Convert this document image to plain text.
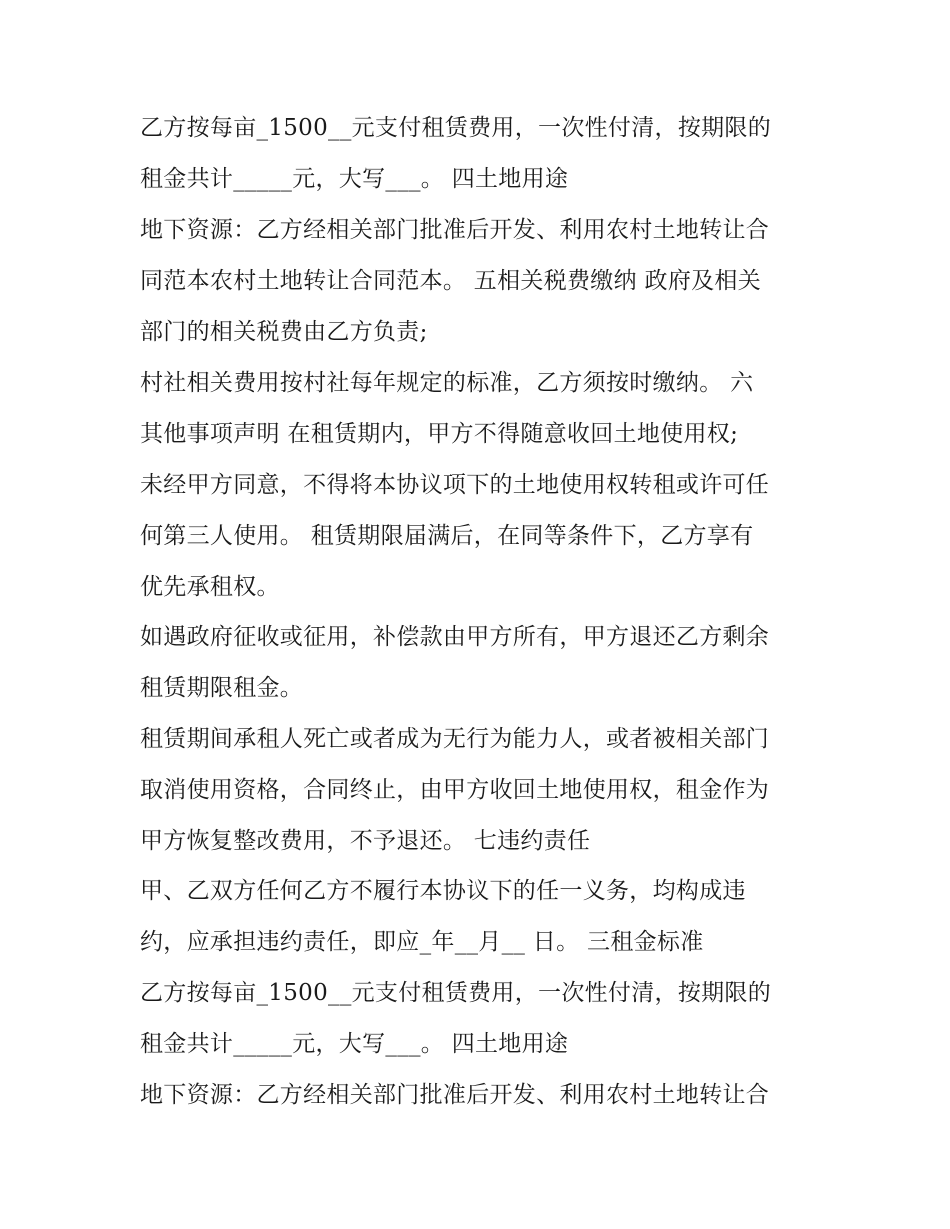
乙方按每亩_1500__元支付租赁费用，一次性付清，按期限的
租金共计_____元，大写___。 四土地用途
地下资源：乙方经相关部门批准后开发、利用农村土地转让合
同范本农村土地转让合同范本。 五相关税费缴纳 政府及相关
部门的相关税费由乙方负责;
村社相关费用按村社每年规定的标准，乙方须按时缴纳。 六
其他事项声明 在租赁期内，甲方不得随意收回土地使用权;
未经甲方同意，不得将本协议项下的土地使用权转租或许可任
何第三人使用。 租赁期限届满后，在同等条件下，乙方享有
优先承租权。
如遇政府征收或征用，补偿款由甲方所有，甲方退还乙方剩余
租赁期限租金。
租赁期间承租人死亡或者成为无行为能力人，或者被相关部门
取消使用资格，合同终止，由甲方收回土地使用权，租金作为
甲方恢复整改费用，不予退还。 七违约责任
甲、乙双方任何乙方不履行本协议下的任一义务，均构成违
约，应承担违约责任，即应_年__月__ 日。 三租金标准
乙方按每亩_1500__元支付租赁费用，一次性付清，按期限的
租金共计_____元，大写___。 四土地用途
地下资源：乙方经相关部门批准后开发、利用农村土地转让合
